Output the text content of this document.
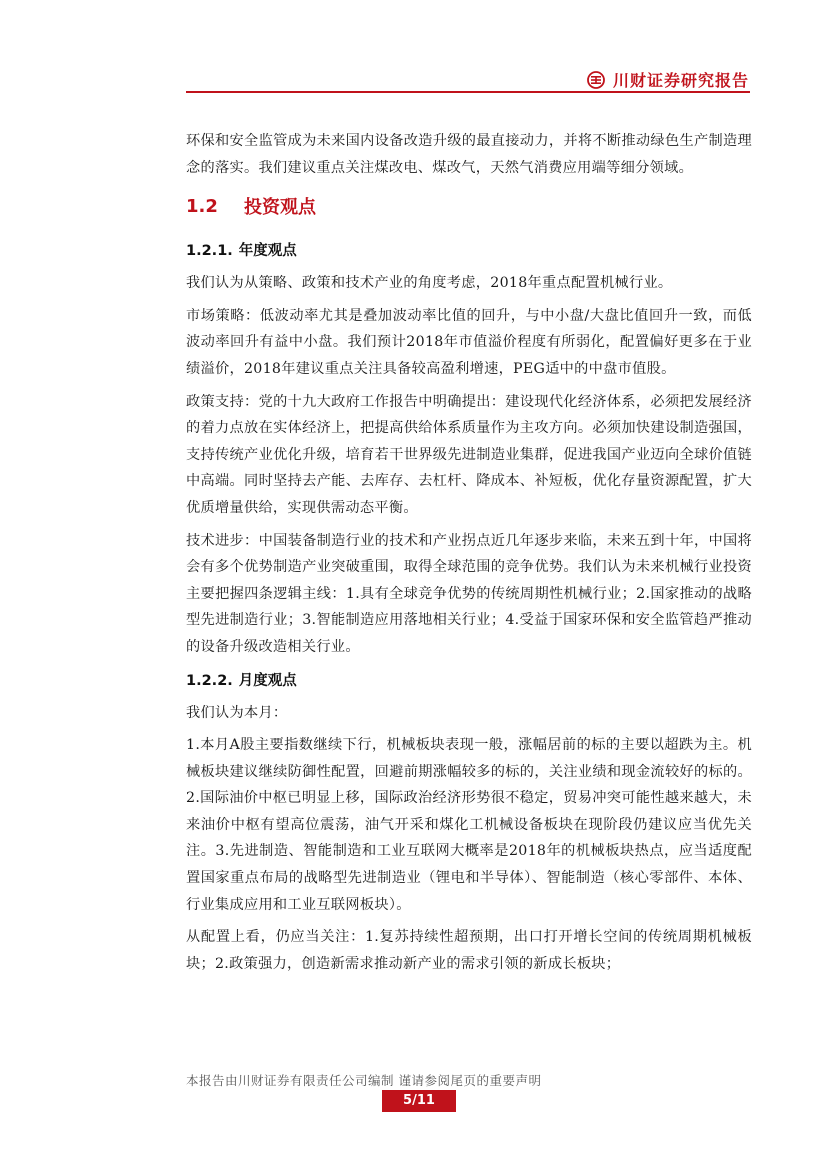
川财证券研究报告

环保和安全监管成为未来国内设备改造升级的最直接动力，并将不断推动绿色生产制造理念的落实。我们建议重点关注煤改电、煤改气，天然气消费应用端等细分领域。

1.2	投资观点
1.2.1. 年度观点

我们认为从策略、政策和技术产业的角度考虑，2018年重点配置机械行业。

市场策略：低波动率尤其是叠加波动率比值的回升，与中小盘/大盘比值回升一致，而低波动率回升有益中小盘。我们预计2018年市值溢价程度有所弱化，配置偏好更多在于业绩溢价，2018年建议重点关注具备较高盈利增速，PEG适中的中盘市值股。

政策支持：党的十九大政府工作报告中明确提出：建设现代化经济体系，必须把发展经济的着力点放在实体经济上，把提高供给体系质量作为主攻方向。必须加快建设制造强国，支持传统产业优化升级，培育若干世界级先进制造业集群，促进我国产业迈向全球价值链中高端。同时坚持去产能、去库存、去杠杆、降成本、补短板，优化存量资源配置，扩大优质增量供给，实现供需动态平衡。

技术进步：中国装备制造行业的技术和产业拐点近几年逐步来临，未来五到十年，中国将会有多个优势制造产业突破重围，取得全球范围的竞争优势。我们认为未来机械行业投资主要把握四条逻辑主线：1.具有全球竞争优势的传统周期性机械行业；2.国家推动的战略型先进制造行业；3.智能制造应用落地相关行业；4.受益于国家环保和安全监管趋严推动的设备升级改造相关行业。

1.2.2. 月度观点

我们认为本月：

1.本月A股主要指数继续下行，机械板块表现一般，涨幅居前的标的主要以超跌为主。机械板块建议继续防御性配置，回避前期涨幅较多的标的，关注业绩和现金流较好的标的。2.国际油价中枢已明显上移，国际政治经济形势很不稳定，贸易冲突可能性越来越大，未来油价中枢有望高位震荡，油气开采和煤化工机械设备板块在现阶段仍建议应当优先关注。3.先进制造、智能制造和工业互联网大概率是2018年的机械板块热点，应当适度配置国家重点布局的战略型先进制造业（锂电和半导体）、智能制造（核心零部件、本体、行业集成应用和工业互联网板块）。

从配置上看，仍应当关注：1.复苏持续性超预期，出口打开增长空间的传统周期机械板块；2.政策强力，创造新需求推动新产业的需求引领的新成长板块；

本报告由川财证券有限责任公司编制 谨请参阅尾页的重要声明
5/11
